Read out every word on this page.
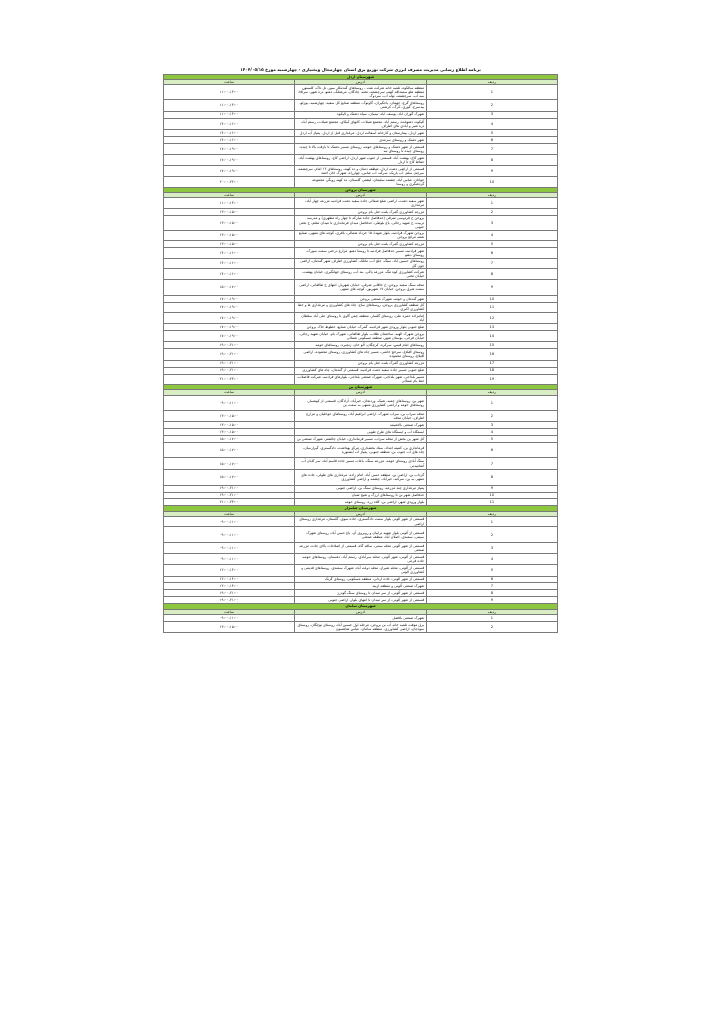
برنامه اطلاع رسانی مدیریت مصرف انرژی شرکت توزیع برق استان چهارمحال وبختیاری - چهارشنبه مورخ ۱۴۰۴/۰۵/۱۵
شهرستان اردل		
ردیف	آدرس	ساعت
1	منطقه سالکوه، تلمبه خانه شرکت نفت ، روستاهای گندمکار سور، تل تاک، کلستور، منطقه هلو سمنداقه کهنه، سرچشمه، تخته، چادگان، مرغملک، دهنو، دره شهر، سرآقا، سه آب، سرچشمه، توله آب، سردوگ	۱۱:۰۰-۱۳:۰۰
2	روستاهای گرچ، چهمان، باجگیران، گاوتوک، منطقه صنایع کل سفید، چهارشنبه، بوزلو، بیدسرخ، گوری، کرگ، کرشنی	۱۱:۰۰-۱۳:۰۰
3	شهرک گوران آباد، یوسف آباد، تیسان، سیاه دشتک و آلیکوه	۱۱:۰۰-۱۳:۰۰
4	آلیکوه، دهنوغده، رستم آباد، مجتمع شیلات، کانهای کیکای، مجتمع شیلات، رستم آباد، دره شیر و آبادی های اطراف	۱۴:۰۰-۱۶:۰۰
5	شهر اردل، بیمارستان و کارخانه آسفالت اردل، مرغداری قبل از اردل، پمپاژ آب اردل	۱۴:۰۰-۱۶:۰۰
6	شهر دشتک و روستای سرمدی	۱۴:۰۰-۱۶:۰۰
7	قسمتی از شهر دشتک و روستاهای حومه، روستای مسیر دشتک تا بازفت بالا تا چیده، روستای چیده تا روستای تیه	۱۷:۰۰-۱۹:۰۰
8	شهر کاج، بهشت آباد، قسمتی از جنوب شهر اردل، اراضی کاج، روستاهای بهشت آباد، حفاظ کاج تا اردل	۱۷:۰۰-۱۹:۰۰
9	قسمتی از اراضی دشت اردل، منطقه دمنان و ده کهنه، روستاهای ۱۲ امام، سرچشمه، سرچم، سلم، آب باریک، سرکه، آب عباس، چهارراه، شهرک خان احمد	۱۷:۰۰-۱۹:۰۰
10	جوانان، عباس آباد، چشمه سلیمان، لیشتر، گلستان، ده کهنه روبگر، مجموعه گردشگری و روستا	۲۰:۰۰-۲۲:۰۰
شهرستان بروجن		
ردیف	آدرس	ساعت
1	شهر سفید دشت، اراضی ضلع شمالی جاده سفید دشت فرادنبه مزرعه چهار آباد، مرغداری	۱۱:۰۰-۱۳:۰۰
2	مزرعه کشاورزی گمرک بلنت ختل بام بروجن	۱۳:۰۰-۱۵:۰۰
3	بروجن خ فردوسی شرقی (حدفاصل جاده مبارکه تا چهار راه مطهری) و مدرسه تربیت، خ شهید رجائی، باغ بلوطی، حدفاصل میدان فرمانداری تا میدان معلم، خ تختی جنوبی	۱۳:۰۰-۱۵:۰۰
4	بروجن شهرک فرادنبه، بلوار شهدا، ۱۵ خرداد شمالی، باقری، کوچه های منتهی، صنایع شمه مراتع بروجن	۱۳:۰۰-۱۵:۰۰
5	مزرعه کشاورزی گمرک بلنت ختل بام بروجن	۱۳:۰۰-۱۵:۰۰
6	شهر فرادنبه، مسیر حدفاصل فرادنبه تا روستا دهنو، مزارع درختی سمت سورک، روستای دهنو	۱۴:۰۰-۱۶:۰۰
7	روستاهای حسین آباد، سنگ، خلج آب، ماتلک، کشاورزی اطراف شهر گندمان، اراضی جون گل	۱۴:۰۰-۱۶:۰۰
8	شرکت کشاورزی کوه تنگ، مزرعه پاکی، بند آب، روستای جهانگیری، خیابان بهشت، خیابان تختی	۱۴:۰۰-۱۶:۰۰
9	محله سنگ سفید بروجن، خ خاقانی شرقی، خیابان شهریار، انتهای خ طالقانی، اراضی سمت شرق بروجن، خیابان ۱۷ شهریور، کوچه های منتهی	۱۵:۰۰-۱۷:۰۰
10	شهر گندمان و حومه، شهرک صنعتی بروجن	۱۷:۰۰-۱۹:۰۰
11	کل منطقه کشاورزی بروجن، روستاهای ساح، چاه های کشاورزی و مرغداری ها و خط کشاورزی اکبری	۱۷:۰۰-۱۹:۰۰
12	امامزاده حمزه علی، روستای گلسار، منطقه چمن گاوی تا روستای علی آباد سلطان آباد	۱۷:۰۰-۱۹:۰۰
13	ضلع جنوبی بلوار ورودی شهر فرادنبه، گمرک، خیابان صنایع، خطوط خاک بروجن	۱۷:۰۰-۱۹:۰۰
14	بروجن شهرک الهیه، ساختمان طلاب، بلوار طالقانی، شهرک بام، خیابان شهید رجائی، خیابان فرخی، بوستان شهر، منطقه مسکونی شمالی	۱۷:۰۰-۱۹:۰۰
15	روستاهای امام قیس، سرکره، کرچگان، آلو خان، زنجیره، روستاهای حومه	۱۹:۰۰-۲۱:۰۰
16	روستای آقبلاغ، سرخچ خانمی، مسیر چاه های کشاورزی، روستای محموده، اراضی آقبلاغ، روستای محموده	۱۹:۰۰-۲۱:۰۰
17	مزرعه کشاورزی گمرک بلنت ختل بام بروجن	۱۹:۰۰-۲۱:۰۰
18	ضلع جنوبی مسیر جاده سفید دشت فرادنبه، قسمتی از گندمان، چاه های کشاورزی	۱۹:۰۰-۲۱:۰۰
19	مسیر بلداجی، شهر بلداجی، شهرک صنعتی بلداجی، بلوارهای فرادنبه، شرکت فاضلاب، خط بام شمالی	۲۱:۰۰-۲۳:۰۰
شهرستان بن		
ردیف	آدرس	ساعت
1	شهر بن، روستاهای چمنه، شیک، وردنجان، خیرآباد، آزادگان، قسمتی از کوهسار، روستاهای حومه و اراضی کشاورزی منتهی به سمت بن	۰۹:۰۰-۱۱:۰۰
2	محله سراب بن، سراب شهرک، اراضی ابراهیم آباد، روستاهای جوخلیان و مزارع اطراف، خیابان محله	۱۳:۰۰-۱۵:۰۰
3	شهرک صنعتی بالاشیمه	۱۳:۰۰-۱۵:۰۰
4	ایستگاه آب و ایستگاه های طرح طوبی	۱۳:۰۰-۱۵:۰۰
5	کل شهر بن بخش از محله سراب، مسیر فرمانداری، خیابان چالشتر، شهرک صنعتی بن	۱۵:۰۰-۱۷:۰۰
6	فرمانداری بن، کمیته امداد، ستاد بخشداری، مرکز بهداشت، دادگستری، گیرارسان، چاه های آب جنوب بن، منطقه جنوبی، پمپاژ آب آبشنوره	۱۵:۰۰-۱۷:۰۰
7	سنگ آبادی روستای حومه، مزرعه سنگ، باغات مسیر جاده قاسم آباد، سر کابان آب آشامیدنی	۱۵:۰۰-۱۷:۰۰
8	گرداب بن، اراضی بن، منطقه حسن آباد، امام زاده، مرغداری های طولی، جاده های منتهی به بن، سرکبه، خیرآباد، چشمه و اراضی کشاورزی	۱۵:۰۰-۱۷:۰۰
9	پمپاژ مرغداری چند مزرعه، روستای سنگ بن، اراضی جنوبی	۱۹:۰۰-۲۱:۰۰
10	حدفاصل شهر بن تا روستاهای ارزگ و شیخ شبان	۱۹:۰۰-۲۱:۰۰
11	بلوار ورودی شهر، اراضی بن، کلاه زرد، روستای حومه	۲۱:۰۰-۲۳:۰۰
شهرستان شلمزار		
ردیف	آدرس	ساعت
1	قسمتی از شهر آلونی بلوار سمت دادگستری، جاده سوی، گلستان، مرغداری روستای اراضی	۰۹:۰۰-۱۱:۰۰
2	قسمتی از آلونی بلوار شهید ترابیان و روبروی آن، باغ حسن آباد، روستای شهرک سیمی، سمندی، اصلان آباد، منطقه صنعتی	۰۹:۰۰-۱۱:۰۰
3	قسمتی از شهر آلونی محله سنتی، ساقه گاه، قسمتی از اصلاحات بالای جاده، مزرعه صنعتی	۰۹:۰۰-۱۱:۰۰
4	قسمتی از آلونی، شهر آلونی، محله سرآبادی، رستم آباد، دهستان، روستاهای حومه، جاده فرعی	۰۹:۰۰-۱۱:۰۰
5	قسمتی از آلونی، محله شیراز، محله دولت آباد، شهرک سمندی، روستاهای قدیمی و کشاورزی آلونی	۱۲:۰۰-۱۴:۰۰
6	قسمتی از شهر آلونی، جاده اردلی، منطقه مسکونی، روستای گرنک	۱۲:۰۰-۱۴:۰۰
7	شهرک صنعتی آلونی و منطقه ازینه	۱۲:۰۰-۱۴:۰۰
8	قسمتی از شهر آلونی، از سر میدان تا روستای سنگ گودرز	۱۹:۰۰-۲۱:۰۰
9	قسمتی از شهر آلونی، از سر میدان تا انتهای بلوار، اراضی جنوبی	۱۹:۰۰-۲۱:۰۰
شهرستان سامان		
ردیف	آدرس	ساعت
1	شهرک صنعتی بافضل	۰۹:۰۰-۱۱:۰۰
2	برق موقت تلمبه خانه آب بن بروجن، مرحله اول حسین آباد، روستای نوچگان، روستای سودجان، اراضی کشاورزی، منطقه سامان، عباس شاهسون	۱۳:۰۰-۱۵:۰۰
